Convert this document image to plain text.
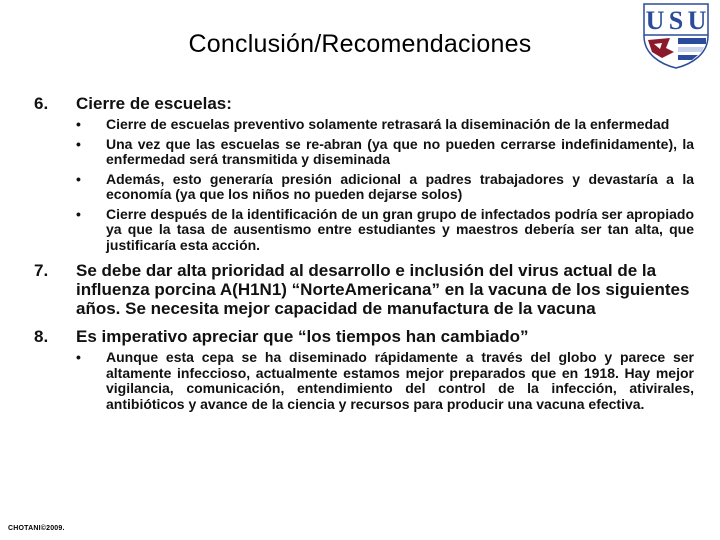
U S U
Conclusión/Recomendaciones
6.	Cierre de escuelas:
• Cierre de escuelas preventivo solamente retrasará la diseminación de la enfermedad
• Una vez que las escuelas se re-abran (ya que no pueden cerrarse indefinidamente), la enfermedad será transmitida y diseminada
• Además, esto generaría presión adicional a padres trabajadores y devastaría a la economía (ya que los niños no pueden dejarse solos)
• Cierre después de la identificación de un gran grupo de infectados podría ser apropiado ya que la tasa de ausentismo entre estudiantes y maestros debería ser tan alta, que justificaría esta acción.
7.	Se debe dar alta prioridad al desarrollo e inclusión del virus actual de la influenza porcina A(H1N1) “NorteAmericana” en la vacuna de los siguientes años. Se necesita mejor capacidad de manufactura de la vacuna
8.	Es imperativo apreciar que “los tiempos han cambiado”
• Aunque esta cepa se ha diseminado rápidamente a través del globo y parece ser altamente infeccioso, actualmente estamos mejor preparados que en 1918. Hay mejor vigilancia, comunicación, entendimiento del control de la infección, ativirales, antibióticos y avance de la ciencia y recursos para producir una vacuna efectiva.
CHOTANI©2009.
